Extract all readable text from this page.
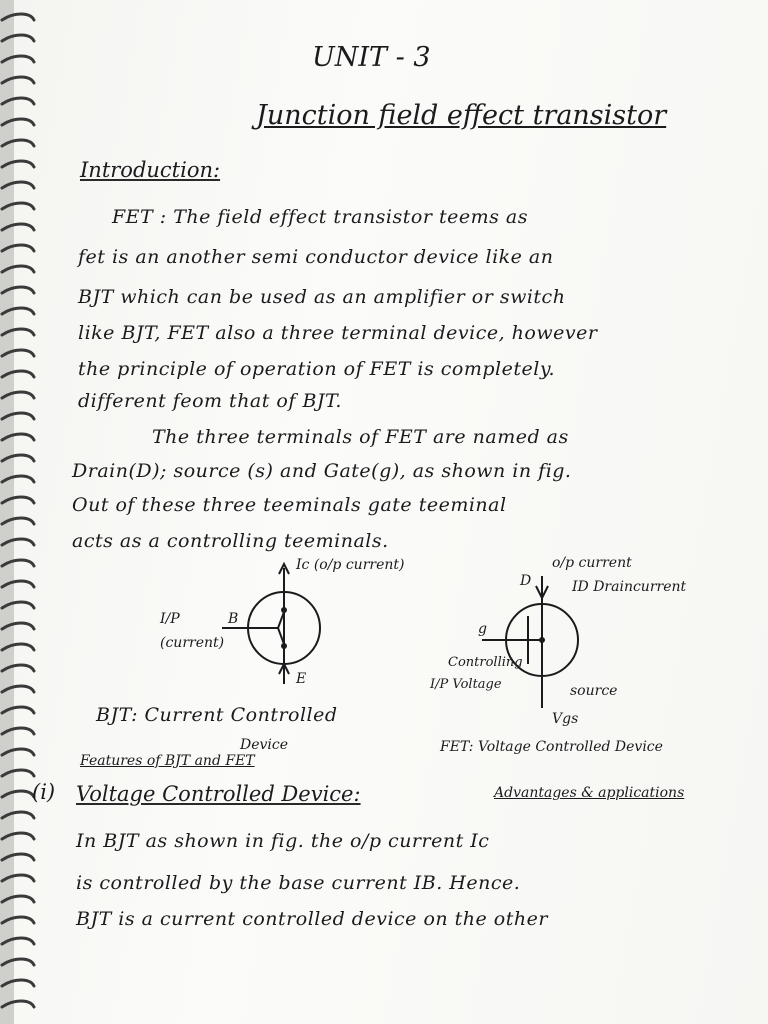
UNIT - 3
Junction field effect transistor
Introduction:
FET : The field effect transistor teems as
fet is an another semi conductor device like an
BJT which can be used as an amplifier or switch
like BJT, FET also a three terminal device, however
the principle of operation of FET is completely.
different feom that of BJT.
The three terminals of FET are named as
Drain(D); source (s) and Gate(g), as shown in fig.
Out of these three teeminals gate teeminal
acts as a controlling teeminals.
Ic (o/p current)
I/P
(current)
B
E
BJT: Current Controlled
Device
o/p current
D	ID Draincurrent
g
Controlling
I/P Voltage	source
Vgs
FET: Voltage Controlled Device
Features of BJT and FET
(i) Voltage Controlled Device:	Advantages & applications
In BJT as shown in fig. the o/p current Ic
is controlled by the base current IB. Hence.
BJT is a current controlled device on the other
